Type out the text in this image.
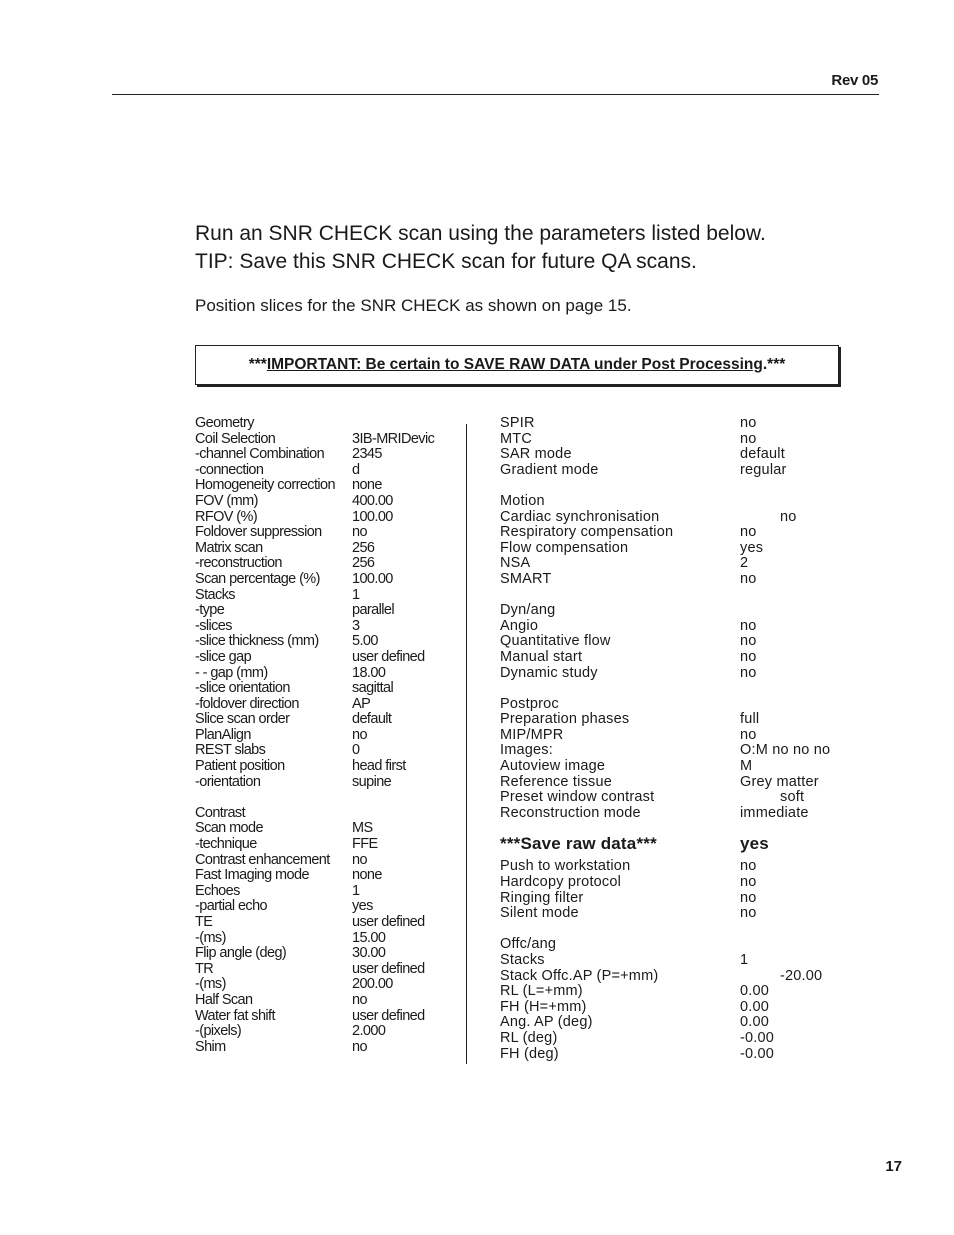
Rev 05
Run an SNR CHECK scan using the parameters listed below.
TIP: Save this SNR CHECK scan for future QA scans.
Position slices for the SNR CHECK as shown on page 15.
*** IMPORTANT: Be certain to SAVE RAW DATA under Post Processing .***
Geometry
Coil Selection	3IB-MRIDevic
-channel Combination 2345
-connection	d
Homogeneity correction none
FOV (mm)	400.00
RFOV (%)	100.00
Foldover suppression no
Matrix scan	256
-reconstruction	256
Scan percentage (%) 100.00
Stacks	1
-type	parallel
-slices	3
-slice thickness (mm) 5.00
-slice gap	user defined
- - gap (mm)	18.00
-slice orientation	sagittal
-foldover direction	AP
Slice scan order	default
PlanAlign	no
REST slabs	0
Patient position	head first
-orientation	supine
Contrast
Scan mode	MS
-technique	FFE
Contrast enhancement no
Fast Imaging mode	none
Echoes	1
-partial echo	yes
TE	user defined
-(ms)	15.00
Flip angle (deg)	30.00
TR	user defined
-(ms)	200.00
Half Scan	no
Water fat shift	user defined
-(pixels)	2.000
Shim	no
SPIR	no
MTC	no
SAR mode	default
Gradient mode	regular
Motion
Cardiac synchronisation	no
Respiratory compensation	no
Flow compensation	yes
NSA	2
SMART	no
Dyn/ang
Angio	no
Quantitative flow	no
Manual start	no
Dynamic study	no
Postproc
Preparation phases	full
MIP/MPR	no
Images:	O:M no no no
Autoview image	M
Reference tissue	Grey matter
Preset window contrast	soft
Reconstruction mode	immediate
***Save raw data***	yes
Push to workstation	no
Hardcopy protocol	no
Ringing filter	no
Silent mode	no
Offc/ang
Stacks	1
Stack Offc.AP (P=+mm)	-20.00
RL (L=+mm)	0.00
FH (H=+mm)	0.00
Ang. AP (deg)	0.00
RL (deg)	-0.00
FH (deg)	-0.00
17
